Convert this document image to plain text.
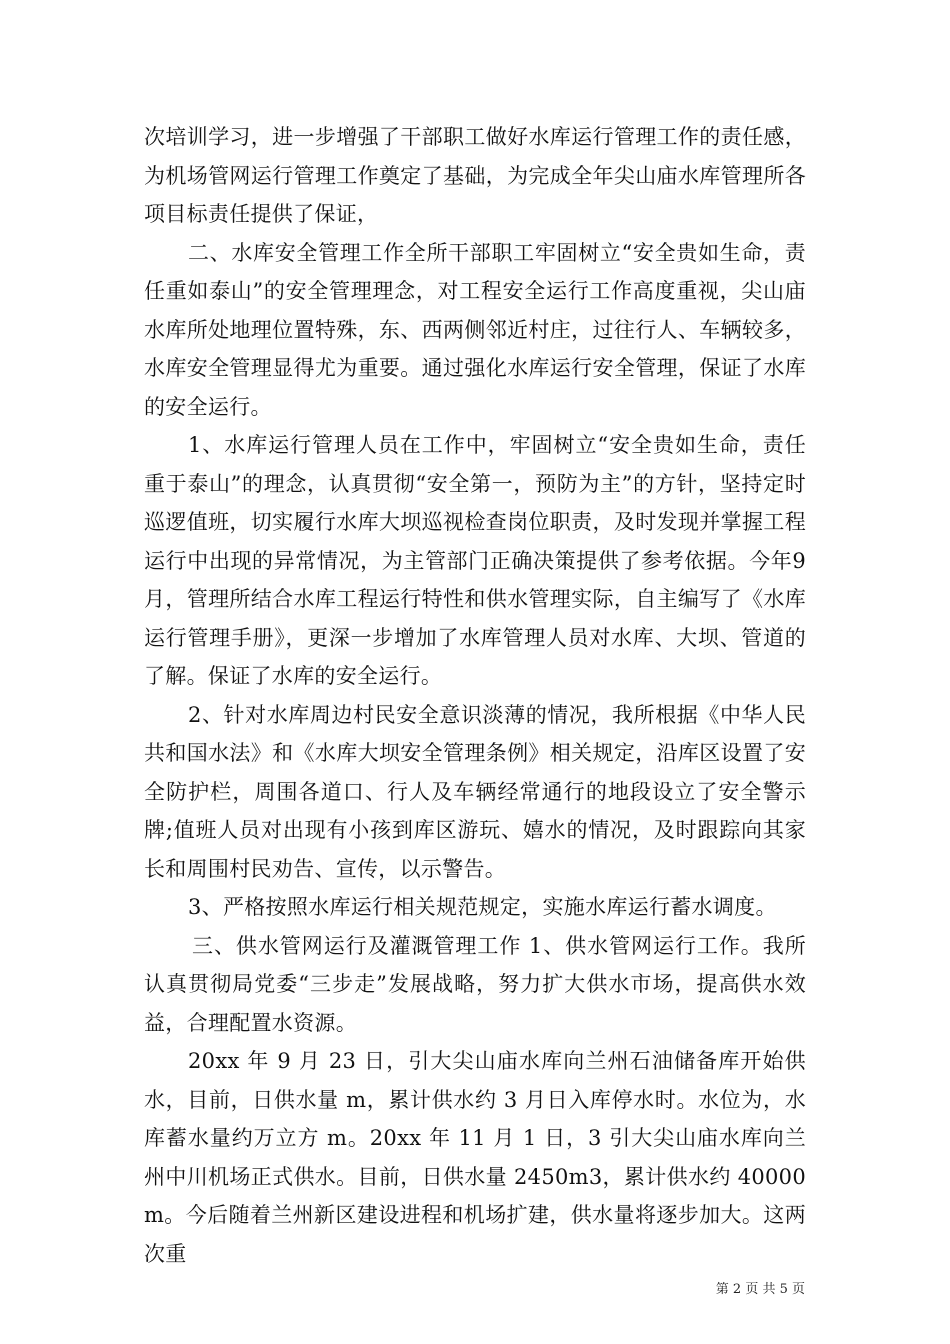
次培训学习，进一步增强了干部职工做好水库运行管理工作的责任感，为机场管网运行管理工作奠定了基础，为完成全年尖山庙水库管理所各项目标责任提供了保证，

二、水库安全管理工作全所干部职工牢固树立“安全贵如生命，责任重如泰山”的安全管理理念，对工程安全运行工作高度重视，尖山庙水库所处地理位置特殊，东、西两侧邻近村庄，过往行人、车辆较多，水库安全管理显得尤为重要。通过强化水库运行安全管理，保证了水库的安全运行。

1、水库运行管理人员在工作中，牢固树立“安全贵如生命，责任重于泰山”的理念，认真贯彻“安全第一，预防为主”的方针，坚持定时巡逻值班，切实履行水库大坝巡视检查岗位职责，及时发现并掌握工程运行中出现的异常情况，为主管部门正确决策提供了参考依据。今年9月，管理所结合水库工程运行特性和供水管理实际，自主编写了《水库运行管理手册》，更深一步增加了水库管理人员对水库、大坝、管道的了解。保证了水库的安全运行。

2、针对水库周边村民安全意识淡薄的情况，我所根据《中华人民共和国水法》和《水库大坝安全管理条例》相关规定，沿库区设置了安全防护栏，周围各道口、行人及车辆经常通行的地段设立了安全警示牌;值班人员对出现有小孩到库区游玩、嬉水的情况，及时跟踪向其家长和周围村民劝告、宣传，以示警告。

3、严格按照水库运行相关规范规定，实施水库运行蓄水调度。

三、供水管网运行及灌溉管理工作 1、供水管网运行工作。我所认真贯彻局党委“三步走”发展战略，努力扩大供水市场，提高供水效益，合理配置水资源。

20xx 年 9 月 23 日，引大尖山庙水库向兰州石油储备库开始供水，目前，日供水量 m，累计供水约 3 月日入库停水时。水位为，水库蓄水量约万立方 m。20xx 年 11 月 1 日，3 引大尖山庙水库向兰州中川机场正式供水。目前，日供水量 2450m3，累计供水约 40000m。今后随着兰州新区建设进程和机场扩建，供水量将逐步加大。这两次重

第 2 页 共 5 页
